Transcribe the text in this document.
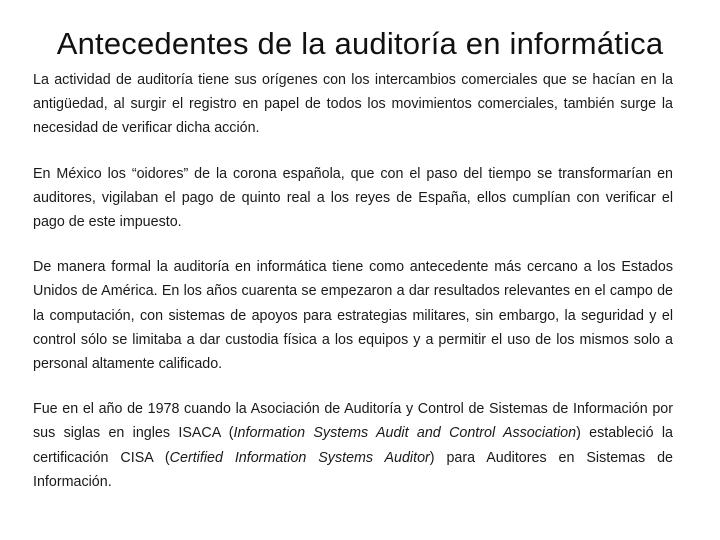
Antecedentes de la auditoría en informática

La actividad de auditoría tiene sus orígenes con los intercambios comerciales que se hacían en la antigüedad, al surgir el registro en papel de todos los movimientos comerciales, también surge la necesidad de verificar dicha acción.

En México los “oidores” de la corona española, que con el paso del tiempo se transformarían en auditores, vigilaban el pago de quinto real a los reyes de España, ellos cumplían con verificar el pago de este impuesto.

De manera formal la auditoría en informática tiene como antecedente más cercano a los Estados Unidos de América. En los años cuarenta se empezaron a dar resultados relevantes en el campo de la computación, con sistemas de apoyos para estrategias militares, sin embargo, la seguridad y el control sólo se limitaba a dar custodia física a los equipos y a permitir el uso de los mismos solo a personal altamente calificado.

Fue en el año de 1978 cuando la Asociación de Auditoría y Control de Sistemas de Información por sus siglas en ingles ISACA (Information Systems Audit and Control Association) estableció la certificación CISA (Certified Information Systems Auditor) para Auditores en Sistemas de Información.
